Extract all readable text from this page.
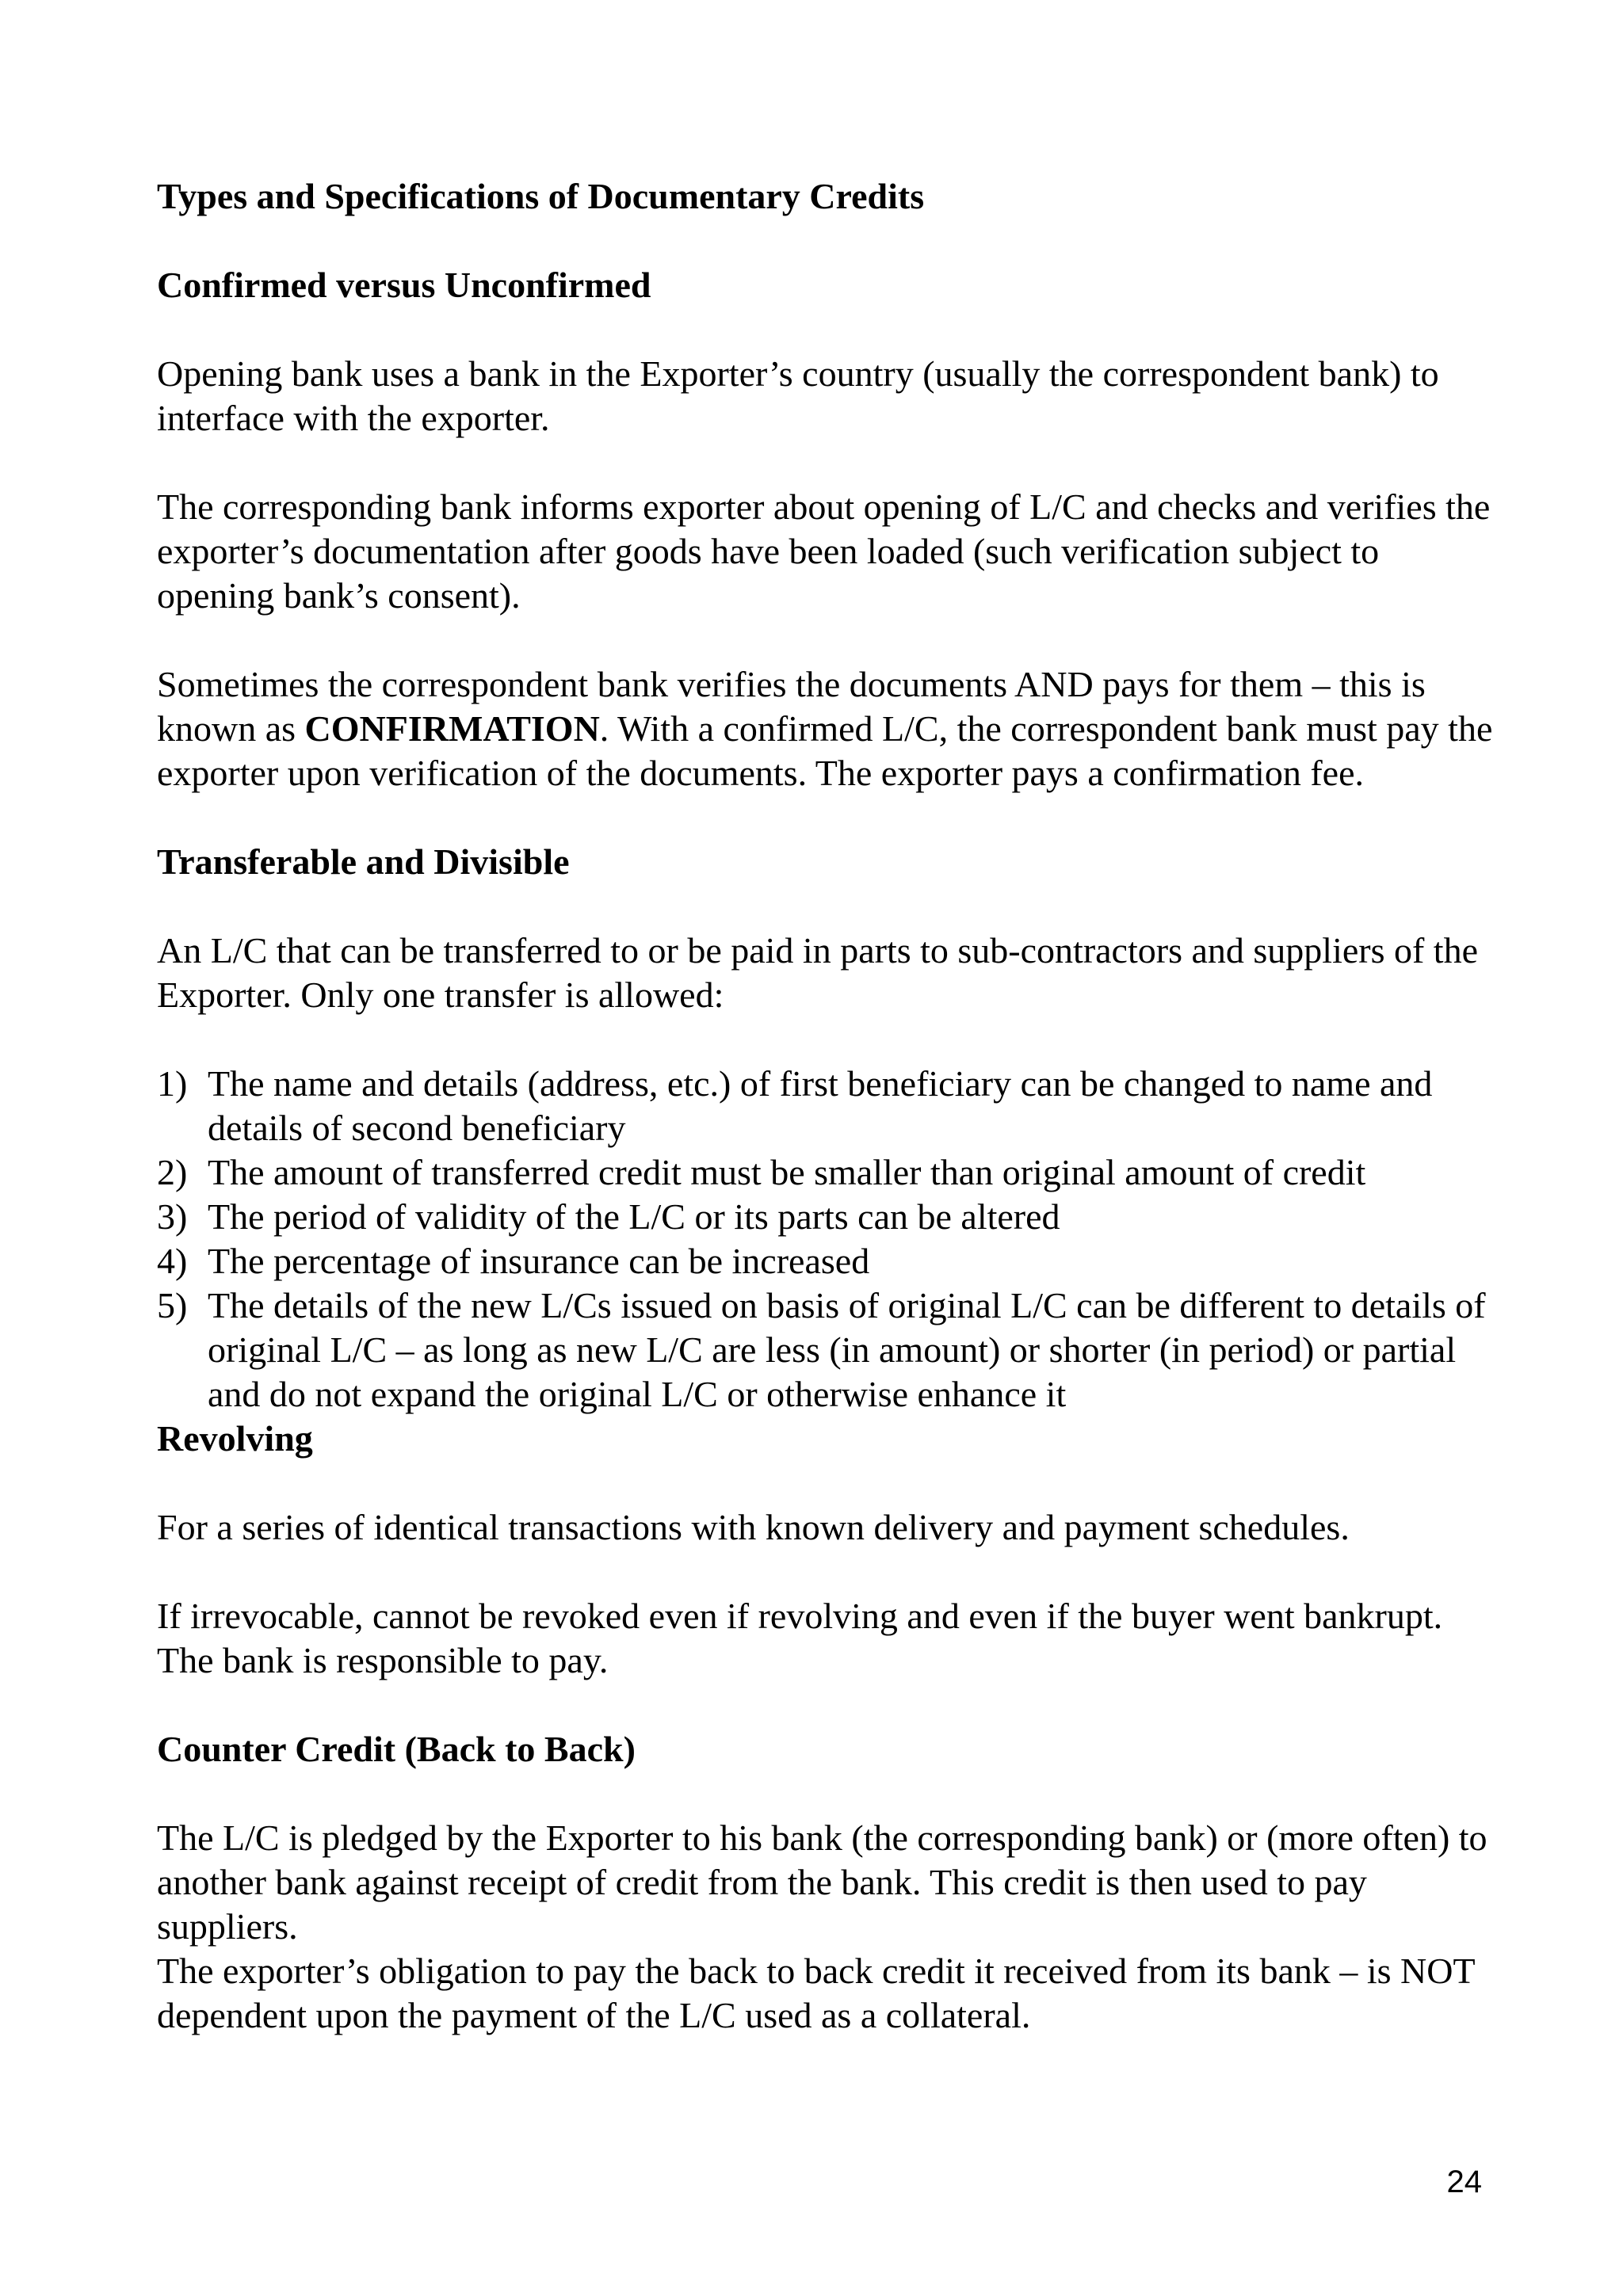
Types and Specifications of Documentary Credits
Confirmed versus Unconfirmed

Opening bank uses a bank in the Exporter’s country (usually the correspondent bank) to interface with the exporter.

The corresponding bank informs exporter about opening of L/C and checks and verifies the exporter’s documentation after goods have been loaded (such verification subject to opening bank’s consent).

Sometimes the correspondent bank verifies the documents AND pays for them – this is known as CONFIRMATION. With a confirmed L/C, the correspondent bank must pay the exporter upon verification of the documents. The exporter pays a confirmation fee.

Transferable and Divisible

An L/C that can be transferred to or be paid in parts to sub-contractors and suppliers of the Exporter. Only one transfer is allowed:

1) The name and details (address, etc.) of first beneficiary can be changed to name and details of second beneficiary
2) The amount of transferred credit must be smaller than original amount of credit
3) The period of validity of the L/C or its parts can be altered
4) The percentage of insurance can be increased
5) The details of the new L/Cs issued on basis of original L/C can be different to details of original L/C – as long as new L/C are less (in amount) or shorter (in period) or partial and do not expand the original L/C or otherwise enhance it
Revolving

For a series of identical transactions with known delivery and payment schedules.

If irrevocable, cannot be revoked even if revolving and even if the buyer went bankrupt. The bank is responsible to pay.

Counter Credit (Back to Back)

The L/C is pledged by the Exporter to his bank (the corresponding bank) or (more often) to another bank against receipt of credit from the bank. This credit is then used to pay suppliers.

The exporter’s obligation to pay the back to back credit it received from its bank – is NOT dependent upon the payment of the L/C used as a collateral.

24
